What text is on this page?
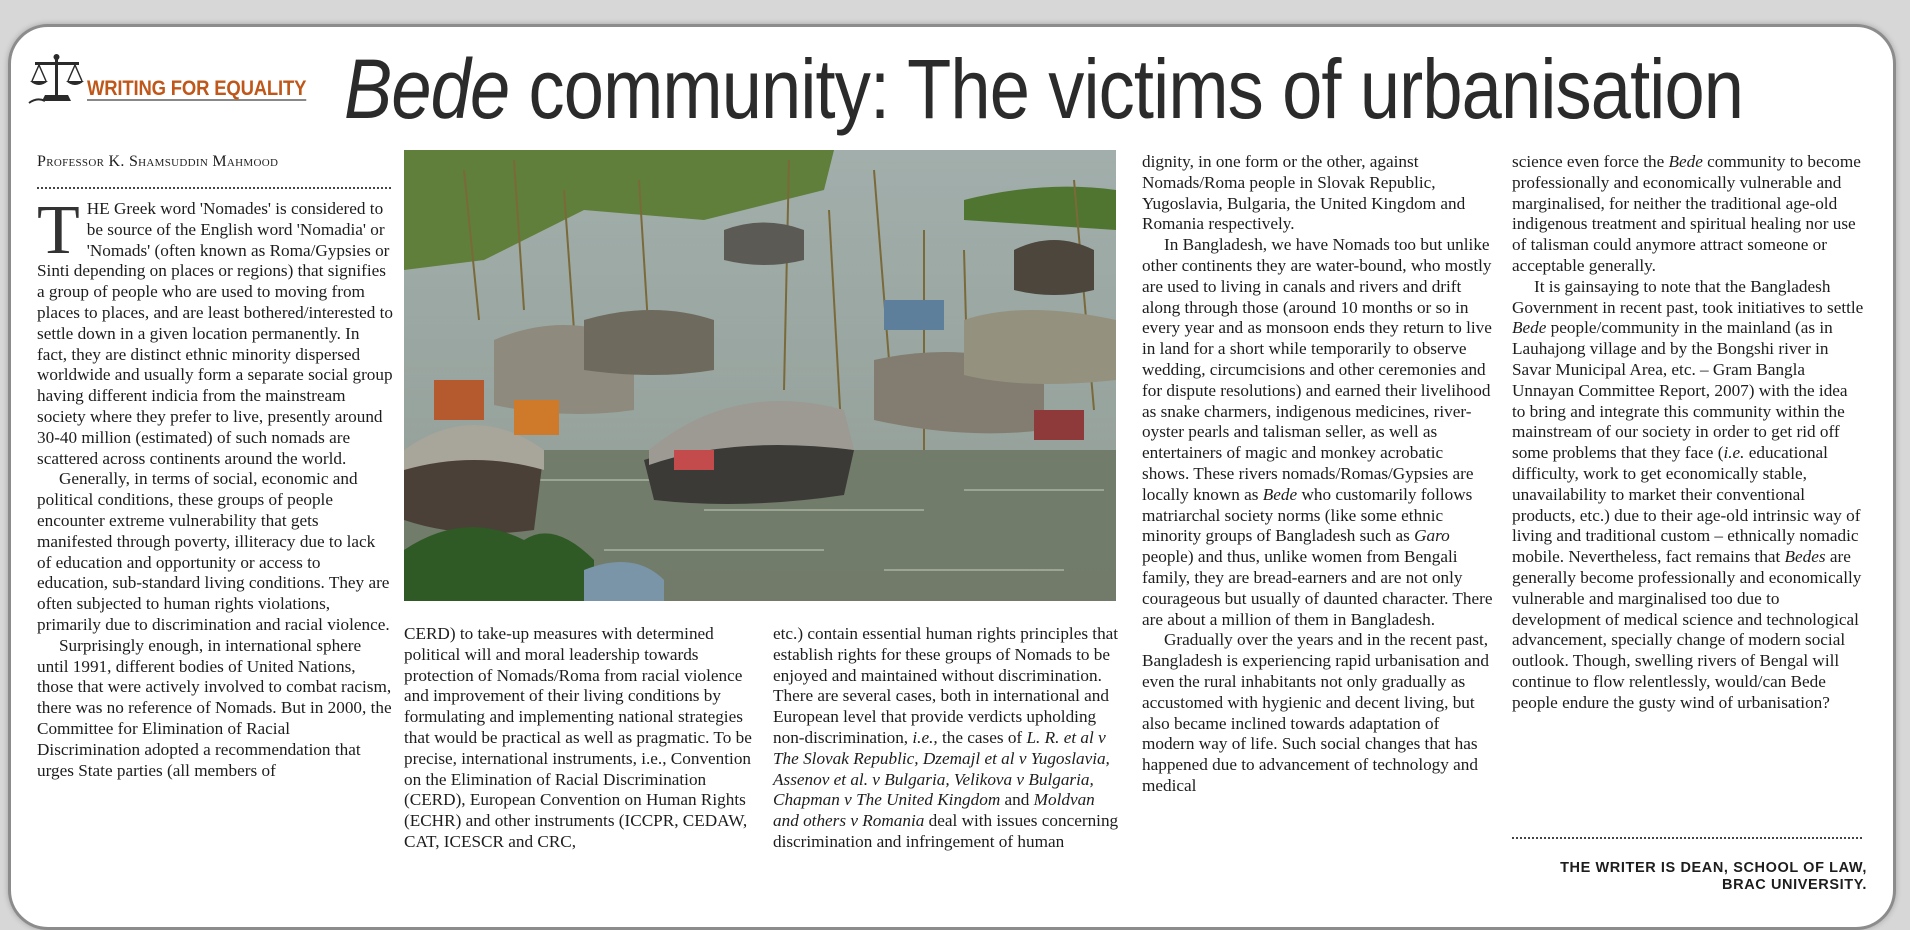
WRITING FOR EQUALITY Bede community: The victims of urbanisation
Professor K. Shamsuddin Mahmood

THE Greek word 'Nomades' is considered to be source of the English word 'Nomadia' or 'Nomads' (often known as Roma/Gypsies or Sinti depending on places or regions) that signifies a group of people who are used to moving from places to places, and are least bothered/interested to settle down in a given location permanently. In fact, they are distinct ethnic minority dispersed worldwide and usually form a separate social group having different indicia from the mainstream society where they prefer to live, presently around 30-40 million (estimated) of such nomads are scattered across continents around the world.

Generally, in terms of social, economic and political conditions, these groups of people encounter extreme vulnerability that gets manifested through poverty, illiteracy due to lack of education and opportunity or access to education, sub-standard living conditions. They are often subjected to human rights violations, primarily due to discrimination and racial violence.

Surprisingly enough, in international sphere until 1991, different bodies of United Nations, those that were actively involved to combat racism, there was no reference of Nomads. But in 2000, the Committee for Elimination of Racial Discrimination adopted a recommendation that urges State parties (all members of

CERD) to take-up measures with determined political will and moral leadership towards protection of Nomads/Roma from racial violence and improvement of their living conditions by formulating and implementing national strategies that would be practical as well as pragmatic. To be precise, international instruments, i.e., Convention on the Elimination of Racial Discrimination (CERD), European Convention on Human Rights (ECHR) and other instruments (ICCPR, CEDAW, CAT, ICESCR and CRC,

etc.) contain essential human rights principles that establish rights for these groups of Nomads to be enjoyed and maintained without discrimination. There are several cases, both in international and European level that provide verdicts upholding non-discrimination, i.e., the cases of L. R. et al v The Slovak Republic, Dzemajl et al v Yugoslavia, Assenov et al. v Bulgaria, Velikova v Bulgaria, Chapman v The United Kingdom and Moldvan and others v Romania deal with issues concerning discrimination and infringement of human

dignity, in one form or the other, against Nomads/Roma people in Slovak Republic, Yugoslavia, Bulgaria, the United Kingdom and Romania respectively.

In Bangladesh, we have Nomads too but unlike other continents they are water-bound, who mostly are used to living in canals and rivers and drift along through those (around 10 months or so in every year and as monsoon ends they return to live in land for a short while temporarily to observe wedding, circumcisions and other ceremonies and for dispute resolutions) and earned their livelihood as snake charmers, indigenous medicines, river-oyster pearls and talisman seller, as well as entertainers of magic and monkey acrobatic shows. These rivers nomads/Romas/Gypsies are locally known as Bede who customarily follows matriarchal society norms (like some ethnic minority groups of Bangladesh such as Garo people) and thus, unlike women from Bengali family, they are bread-earners and are not only courageous but usually of daunted character. There are about a million of them in Bangladesh.

Gradually over the years and in the recent past, Bangladesh is experiencing rapid urbanisation and even the rural inhabitants not only gradually as accustomed with hygienic and decent living, but also became inclined towards adaptation of modern way of life. Such social changes that has happened due to advancement of technology and medical

science even force the Bede community to become professionally and economically vulnerable and marginalised, for neither the traditional age-old indigenous treatment and spiritual healing nor use of talisman could anymore attract someone or acceptable generally.

It is gainsaying to note that the Bangladesh Government in recent past, took initiatives to settle Bede people/community in the mainland (as in Lauhajong village and by the Bongshi river in Savar Municipal Area, etc. – Gram Bangla Unnayan Committee Report, 2007) with the idea to bring and integrate this community within the mainstream of our society in order to get rid off some problems that they face (i.e. educational difficulty, work to get economically stable, unavailability to market their conventional products, etc.) due to their age-old intrinsic way of living and traditional custom – ethnically nomadic mobile. Nevertheless, fact remains that Bedes are generally become professionally and economically vulnerable and marginalised too due to development of medical science and technological advancement, specially change of modern social outlook. Though, swelling rivers of Bengal will continue to flow relentlessly, would/can Bede people endure the gusty wind of urbanisation?

THE WRITER IS DEAN, SCHOOL OF LAW,
BRAC UNIVERSITY.
